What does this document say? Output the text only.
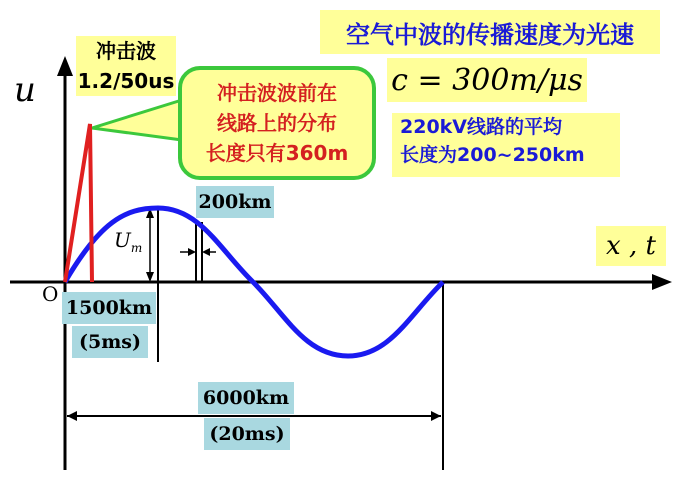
空气中波的传播速度为光速
c = 300m/μs
220kV线路的平均
长度为200~250km
冲击波
1.2/50us	冲击波波前在
线路上的分布
长度只有360m
u
x , t
O
$U_m$
200km
1500km
(5ms)
6000km
(20ms)
